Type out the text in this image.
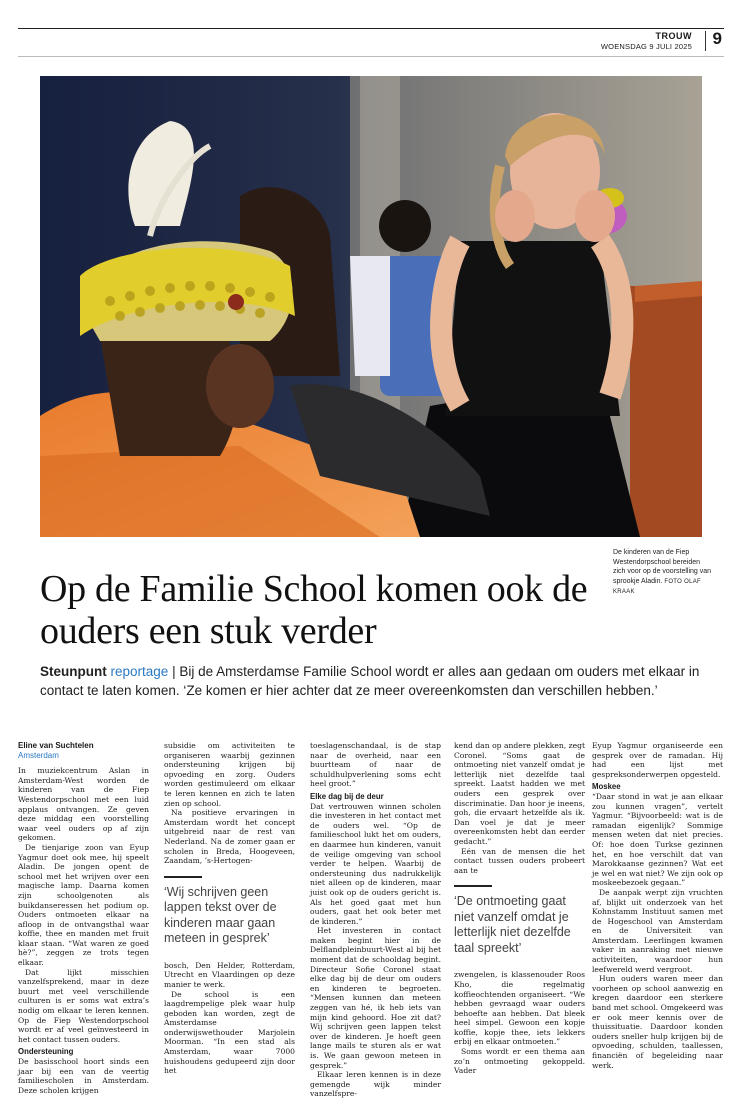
TROUW
WOENSDAG 9 JULI 2025 9
De kinderen van de Fiep Westendorpschool bereiden zich voor op de voorstelling van sprookje Aladin. FOTO OLAF KRAAK
Op de Familie School komen ook de ouders een stuk verder
Steunpunt reportage | Bij de Amsterdamse Familie School wordt er alles aan gedaan om ouders met elkaar in contact te laten komen. ‘Ze komen er hier achter dat ze meer overeenkomsten dan verschillen hebben.’
Eline van Suchtelen
Amsterdam

In muziekcentrum Aslan in Amsterdam-West worden de kinderen van de Fiep Westendorpschool met een luid applaus ontvangen. Ze geven deze middag een voorstelling waar veel ouders op af zijn gekomen.

De tienjarige zoon van Eyup Yagmur doet ook mee, hij speelt Aladin. De jongen opent de school met het wrijven over een magische lamp. Daarna komen zijn schoolgenoten als buikdanseressen het podium op. Ouders ontmoeten elkaar na afloop in de ontvangsthal waar koffie, thee en manden met fruit klaar staan. “Wat waren ze goed hè?”, zeggen ze trots tegen elkaar.

Dat lijkt misschien vanzelfsprekend, maar in deze buurt met veel verschillende culturen is er soms wat extra’s nodig om elkaar te leren kennen. Op de Fiep Westendorpschool wordt er af veel geïnvesteerd in het contact tussen ouders.

Ondersteuning

De basisschool hoort sinds een jaar bij een van de veertig familiescholen in Amsterdam. Deze scholen krijgen

subsidie om activiteiten te organiseren waarbij gezinnen ondersteuning krijgen bij opvoeding en zorg. Ouders worden gestimuleerd om elkaar te leren kennen en zich te laten zien op school.

Na positieve ervaringen in Amsterdam wordt het concept uitgebreid naar de rest van Nederland. Na de zomer gaan er scholen in Breda, Hoogeveen, Zaandam, ’s-Hertogen-

‘Wij schrijven geen lappen tekst over de kinderen maar gaan meteen in gesprek’

bosch, Den Helder, Rotterdam, Utrecht en Vlaardingen op deze manier te werk.

De school is een laagdrempelige plek waar hulp geboden kan worden, zegt de Amsterdamse onderwijswethouder Marjolein Moorman. “In een stad als Amsterdam, waar 7000 huishoudens gedupeerd zijn door het

toeslagenschandaal, is de stap naar de overheid, naar een buurtteam of naar de schuldhulpverlening soms echt heel groot.”

Elke dag bij de deur

Dat vertrouwen winnen scholen die investeren in het contact met de ouders wel. “Op de familieschool lukt het om ouders, en daarmee hun kinderen, vanuit de veilige omgeving van school verder te helpen. Waarbij de ondersteuning dus nadrukkelijk niet alleen op de kinderen, maar juist ook op de ouders gericht is. Als het goed gaat met hun ouders, gaat het ook beter met de kinderen.”

Het investeren in contact maken begint hier in de Delflandpleinbuurt-West al bij het moment dat de schooldag begint. Directeur Sofie Coronel staat elke dag bij de deur om ouders en kinderen te begroeten. “Mensen kunnen dan meteen zeggen van hé, ik heb iets van mijn kind gehoord. Hoe zit dat? Wij schrijven geen lappen tekst over de kinderen. Je hoeft geen lange mails te sturen als er wat is. We gaan gewoon meteen in gesprek.”

Elkaar leren kennen is in deze gemengde wijk minder vanzelfspre-

kend dan op andere plekken, zegt Coronel. “Soms gaat de ontmoeting niet vanzelf omdat je letterlijk niet dezelfde taal spreekt. Laatst hadden we met ouders een gesprek over discriminatie. Dan hoor je ineens, goh, die ervaart hetzelfde als ik. Dan voel je dat je meer overeenkomsten hebt dan eerder gedacht.”

Eén van de mensen die het contact tussen ouders probeert aan te

‘De ontmoeting gaat niet vanzelf omdat je letterlijk niet dezelfde taal spreekt’

zwengelen, is klassenouder Roos Kho, die regelmatig koffieochtenden organiseert. “We hebben gevraagd waar ouders behoefte aan hebben. Dat bleek heel simpel. Gewoon een kopje koffie, kopje thee, iets lekkers erbij en elkaar ontmoeten.”

Soms wordt er een thema aan zo’n ontmoeting gekoppeld. Vader

Eyup Yagmur organiseerde een gesprek over de ramadan. Hij had een lijst met gespreksonderwerpen opgesteld.

Moskee

“Daar stond in wat je aan elkaar zou kunnen vragen”, vertelt Yagmur. “Bijvoorbeeld: wat is de ramadan eigenlijk? Sommige mensen weten dat niet precies. Of: hoe doen Turkse gezinnen het, en hoe verschilt dat van Marokkaanse gezinnen? Wat eet je wel en wat niet? We zijn ook op moskeebezoek gegaan.”

De aanpak werpt zijn vruchten af, blijkt uit onderzoek van het Kohnstamm Instituut samen met de Hogeschool van Amsterdam en de Universiteit van Amsterdam. Leerlingen kwamen vaker in aanraking met nieuwe activiteiten, waardoor hun leefwereld werd vergroot.

Hun ouders waren meer dan voorheen op school aanwezig en kregen daardoor een sterkere band met school. Omgekeerd was er ook meer kennis over de thuissituatie. Daardoor konden ouders sneller hulp krijgen bij de opvoeding, schulden, taallessen, financiën of begeleiding naar werk.
